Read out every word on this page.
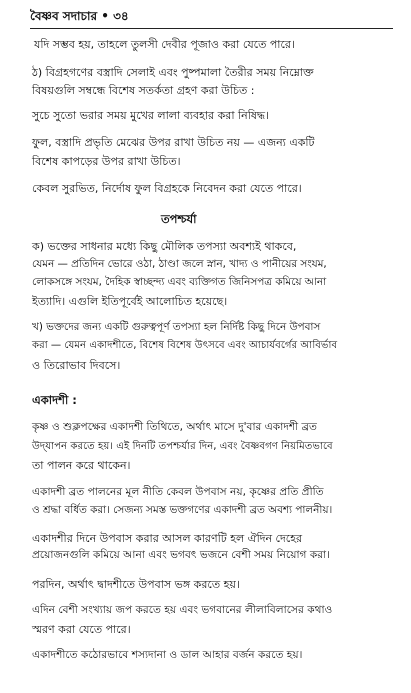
বৈষ্ণব সদাচার • ৩৪
যদি সম্ভব হয়, তাহলে তুলসী দেবীর পূজাও করা যেতে পারে।
ঠ) বিগ্রহগণের বস্ত্রাদি সেলাই এবং পুষ্পমালা তৈরীর সময় নিম্নোক্ত
বিষয়গুলি সম্বন্ধে বিশেষ সতর্কতা গ্রহণ করা উচিত :
সুচে সুতো ভরার সময় মুখের লালা ব্যবহার করা নিষিদ্ধ।
ফুল, বস্ত্রাদি প্রভৃতি মেঝের উপর রাখা উচিত নয় — এজন্য একটি
বিশেষ কাপড়ের উপর রাখা উচিত।
কেবল সুরভিত, নির্দোষ ফুল বিগ্রহকে নিবেদন করা যেতে পারে।
তপশ্চর্যা
ক) ভক্তের সাধনার মধ্যে কিছু মৌলিক তপস্যা অবশ্যই থাকবে,
যেমন — প্রতিদিন ভোরে ওঠা, ঠাণ্ডা জলে স্নান, খাদ্য ও পানীয়ের সংযম,
লোকসঙ্গে সংযম, দৈহিক স্বাচ্ছন্দ্য এবং ব্যক্তিগত জিনিসপত্র কমিয়ে আনা
ইত্যাদি। এগুলি ইতিপূর্বেই আলোচিত হয়েছে।
খ) ভক্তদের জন্য একটি গুরুত্বপূর্ণ তপস্যা হল নির্দিষ্ট কিছু দিনে উপবাস
করা — যেমন একাদশীতে, বিশেষ বিশেষ উৎসবে এবং আচার্যবর্গের আবির্ভাব
ও তিরোভাব দিবসে।
একাদশী :
কৃষ্ণ ও শুক্লপক্ষের একাদশী তিথিতে, অর্থাৎ মাসে দু'বার একাদশী ব্রত
উদ্‌যাপন করতে হয়। এই দিনটি তপশ্চর্যার দিন, এবং বৈষ্ণবগণ নিয়মিতভাবে
তা পালন করে থাকেন।
একাদশী ব্রত পালনের মূল নীতি কেবল উপবাস নয়, কৃষ্ণের প্রতি প্রীতি
ও শ্রদ্ধা বর্ধিত করা। সেজন্য সমস্ত ভক্তগণের একাদশী ব্রত অবশ্য পালনীয়।
একাদশীর দিনে উপবাস করার আসল কারণটি হল ঐদিন দেহের
প্রয়োজনগুলি কমিয়ে আনা এবং ভগবৎ ভজনে বেশী সময় নিয়োগ করা।
পরদিন, অর্থাৎ দ্বাদশীতে উপবাস ভঙ্গ করতে হয়।
এদিন বেশী সংখ্যায় জপ করতে হয় এবং ভগবানের লীলাবিলাসের কথাও
স্মরণ করা যেতে পারে।
একাদশীতে কঠোরভাবে শস্যদানা ও ডাল আহার বর্জন করতে হয়।
